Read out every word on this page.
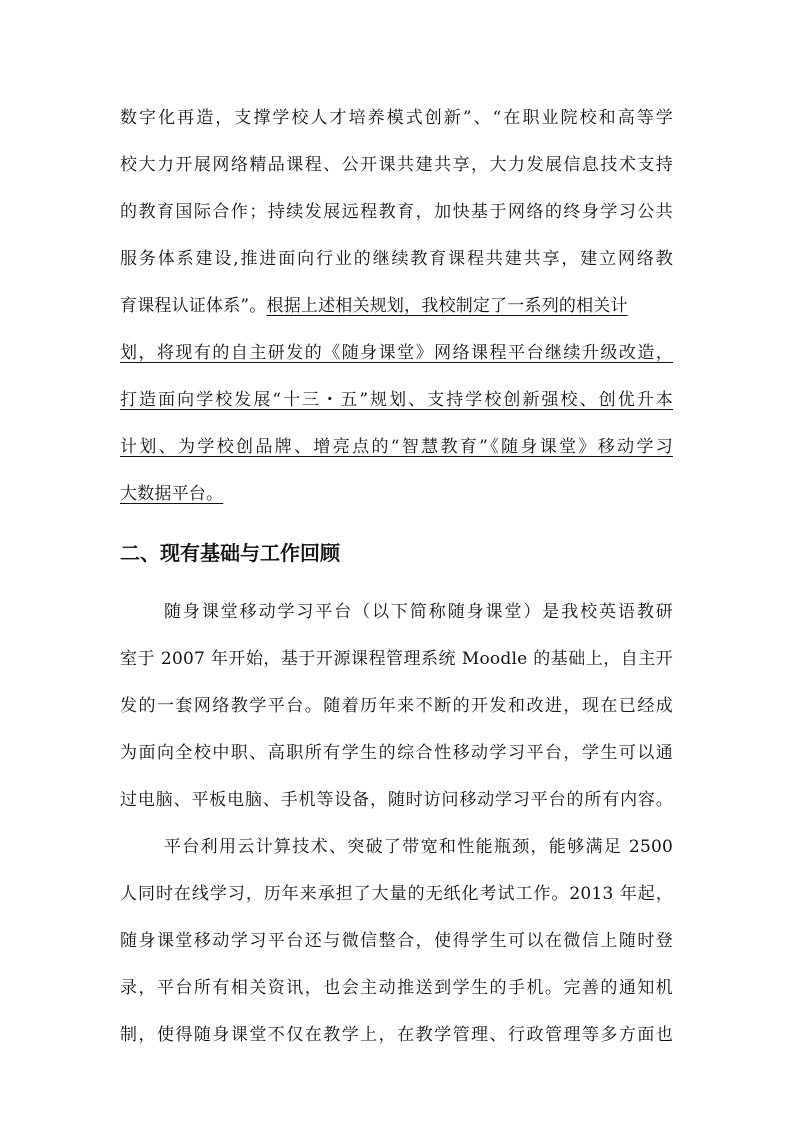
数字化再造，支撑学校人才培养模式创新”、“在职业院校和高等学
校大力开展网络精品课程、公开课共建共享，大力发展信息技术支持
的教育国际合作；持续发展远程教育，加快基于网络的终身学习公共
服务体系建设,推进面向行业的继续教育课程共建共享，建立网络教
育课程认证体系”。根据上述相关规划，我校制定了一系列的相关计
划，将现有的自主研发的《随身课堂》网络课程平台继续升级改造，
打造面向学校发展“十三・五”规划、支持学校创新强校、创优升本
计划、为学校创品牌、增亮点的“智慧教育”《随身课堂》移动学习
大数据平台。
二、现有基础与工作回顾
随身课堂移动学习平台（以下简称随身课堂）是我校英语教研
室于 2007 年开始，基于开源课程管理系统 Moodle 的基础上，自主开
发的一套网络教学平台。随着历年来不断的开发和改进，现在已经成
为面向全校中职、高职所有学生的综合性移动学习平台，学生可以通
过电脑、平板电脑、手机等设备，随时访问移动学习平台的所有内容。
平台利用云计算技术、突破了带宽和性能瓶颈，能够满足 2500
人同时在线学习，历年来承担了大量的无纸化考试工作。2013 年起，
随身课堂移动学习平台还与微信整合，使得学生可以在微信上随时登
录，平台所有相关资讯，也会主动推送到学生的手机。完善的通知机
制，使得随身课堂不仅在教学上，在教学管理、行政管理等多方面也
